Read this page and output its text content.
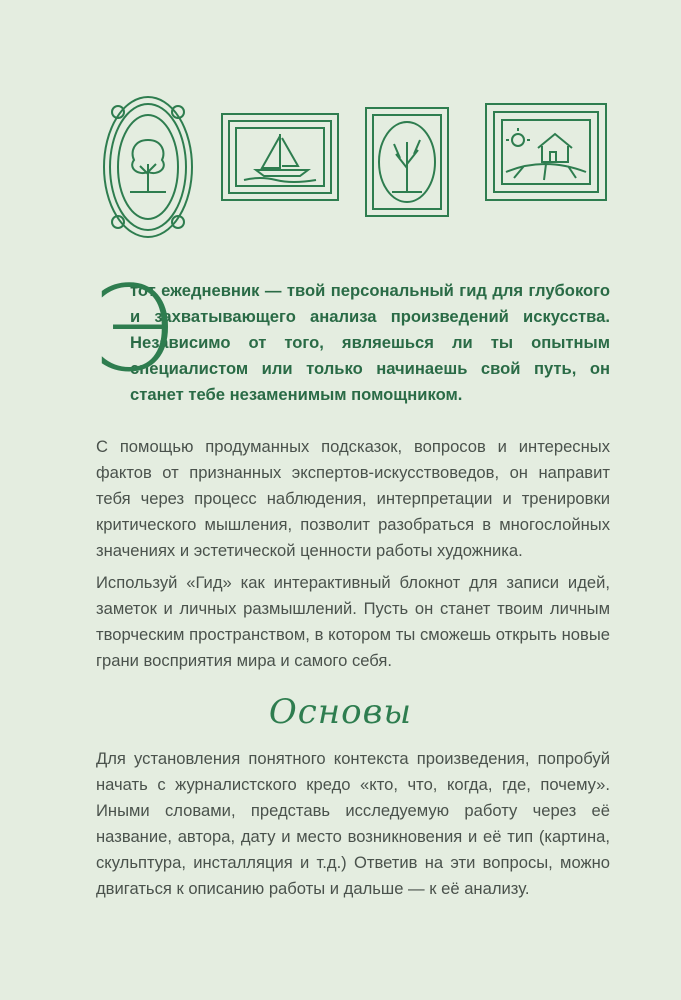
Э

тот ежедневник — твой персональный гид для глубокого и захватывающего анализа произведений искусства. Независимо от того, являешься ли ты опытным специалистом или только начинаешь свой путь, он станет тебе незаменимым помощником.

С помощью продуманных подсказок, вопросов и интересных фактов от признанных экспертов-искусствоведов, он направит тебя через процесс наблюдения, интерпретации и тренировки критического мышления, позволит разобраться в многослойных значениях и эстетической ценности работы художника.

Используй «Гид» как интерактивный блокнот для записи идей, заметок и личных размышлений. Пусть он станет твоим личным творческим пространством, в котором ты сможешь открыть новые грани восприятия мира и самого себя.

Основы

Для установления понятного контекста произведения, попробуй начать с журналистского кредо «кто, что, когда, где, почему». Иными словами, представь исследуемую работу через её название, автора, дату и место возникновения и её тип (картина, скульптура, инсталляция и т.д.) Ответив на эти вопросы, можно двигаться к описанию работы и дальше — к её анализу.
